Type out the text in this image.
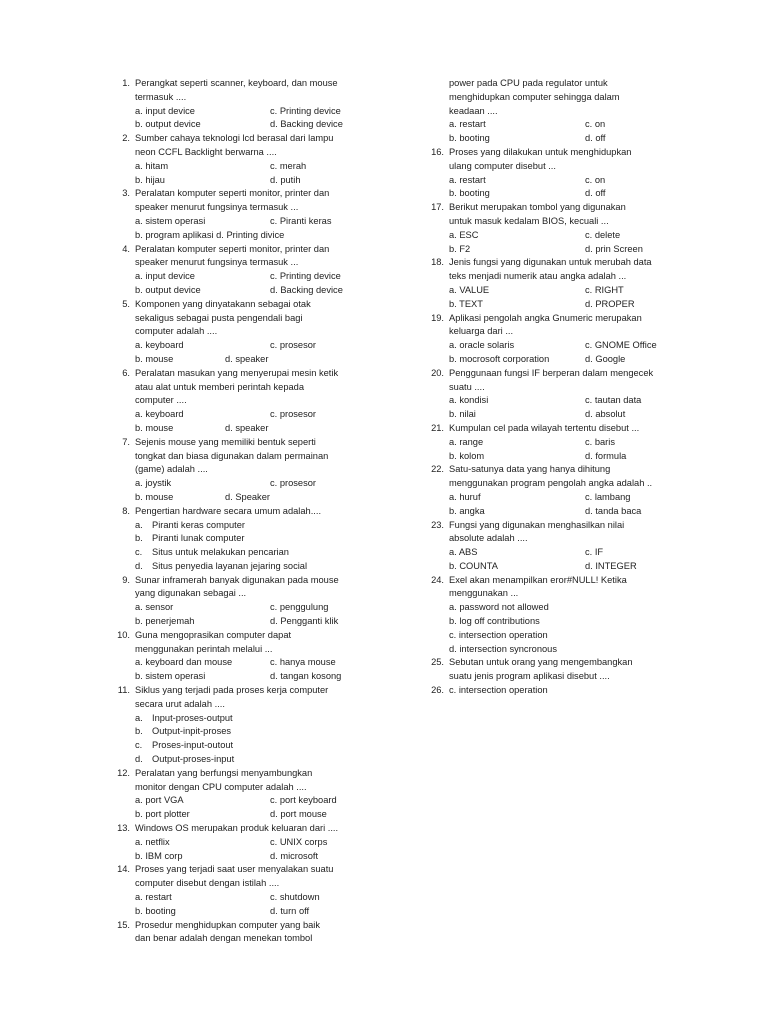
1. Perangkat seperti scanner, keyboard, dan mouse
termasuk ....
a. input device	c. Printing device
b. output device	d. Backing device
2. Sumber cahaya teknologi lcd berasal dari lampu
neon CCFL Backlight berwarna ....
a. hitam	c. merah
b. hijau	d. putih
3. Peralatan komputer seperti monitor, printer dan
speaker menurut fungsinya termasuk ...
a. sistem operasi	c. Piranti keras
b. program aplikasi d. Printing divice
4. Peralatan komputer seperti monitor, printer dan
speaker menurut fungsinya termasuk ...
a. input device	c. Printing device
b. output device	d. Backing device
5. Komponen yang dinyatakann sebagai otak
sekaligus sebagai pusta pengendali bagi
computer adalah ....
a. keyboard	c. prosesor
b. mouse	d. speaker
6. Peralatan masukan yang menyerupai mesin ketik
atau alat untuk memberi perintah kepada
computer ....
a. keyboard	c. prosesor
b. mouse	d. speaker
7. Sejenis mouse yang memiliki bentuk seperti
tongkat dan biasa digunakan dalam permainan
(game) adalah ....
a. joystik	c. prosesor
b. mouse	d. Speaker
8. Pengertian hardware secara umum adalah....
a. Piranti keras computer
b. Piranti lunak computer
c. Situs untuk melakukan pencarian
d. Situs penyedia layanan jejaring social
9. Sunar inframerah banyak digunakan pada mouse
yang digunakan sebagai ...
a. sensor	c. penggulung
b. penerjemah	d. Pengganti klik
10. Guna mengoprasikan computer dapat
menggunakan perintah melalui ...
a. keyboard dan mouse	c. hanya mouse
b. sistem operasi	d. tangan kosong
11. Siklus yang terjadi pada proses kerja computer
secara urut adalah ....
a. Input-proses-output
b. Output-inpit-proses
c. Proses-input-outout
d. Output-proses-input
12. Peralatan yang berfungsi menyambungkan
monitor dengan CPU computer adalah ....
a. port VGA	c. port keyboard
b. port plotter	d. port mouse
13. Windows OS merupakan produk keluaran dari ....
a. netflix	c. UNIX corps
b. IBM corp	d. microsoft
14. Proses yang terjadi saat user menyalakan suatu
computer disebut dengan istilah ....
a. restart	c. shutdown
b. booting	d. turn off
15. Prosedur menghidupkan computer yang baik
dan benar adalah dengan menekan tombol
power pada CPU pada regulator untuk
menghidupkan computer sehingga dalam
keadaan ....
a. restart	c. on
b. booting	d. off
16. Proses yang dilakukan untuk menghidupkan
ulang computer disebut ...
a. restart	c. on
b. booting	d. off
17. Berikut merupakan tombol yang digunakan
untuk masuk kedalam BIOS, kecuali ...
a. ESC	c. delete
b. F2	d. prin Screen
18. Jenis fungsi yang digunakan untuk merubah data
teks menjadi numerik atau angka adalah ...
a. VALUE	c. RIGHT
b. TEXT	d. PROPER
19. Aplikasi pengolah angka Gnumeric merupakan
keluarga dari ...
a. oracle solaris	c. GNOME Office
b. mocrosoft corporation	d. Google
20. Penggunaan fungsi IF berperan dalam mengecek
suatu ....
a. kondisi	c. tautan data
b. nilai	d. absolut
21. Kumpulan cel pada wilayah tertentu disebut ...
a. range	c. baris
b. kolom	d. formula
22. Satu-satunya data yang hanya dihitung
menggunakan program pengolah angka adalah ..
a. huruf	c. lambang
b. angka	d. tanda baca
23. Fungsi yang digunakan menghasilkan nilai
absolute adalah ....
a. ABS	c. IF
b. COUNTA	d. INTEGER
24. Exel akan menampilkan eror#NULL! Ketika
menggunakan ...
a. password not allowed
b. log off contributions
c. intersection operation
d. intersection syncronous
25. Sebutan untuk orang yang mengembangkan
suatu jenis program aplikasi disebut ....
26. c. intersection operation
